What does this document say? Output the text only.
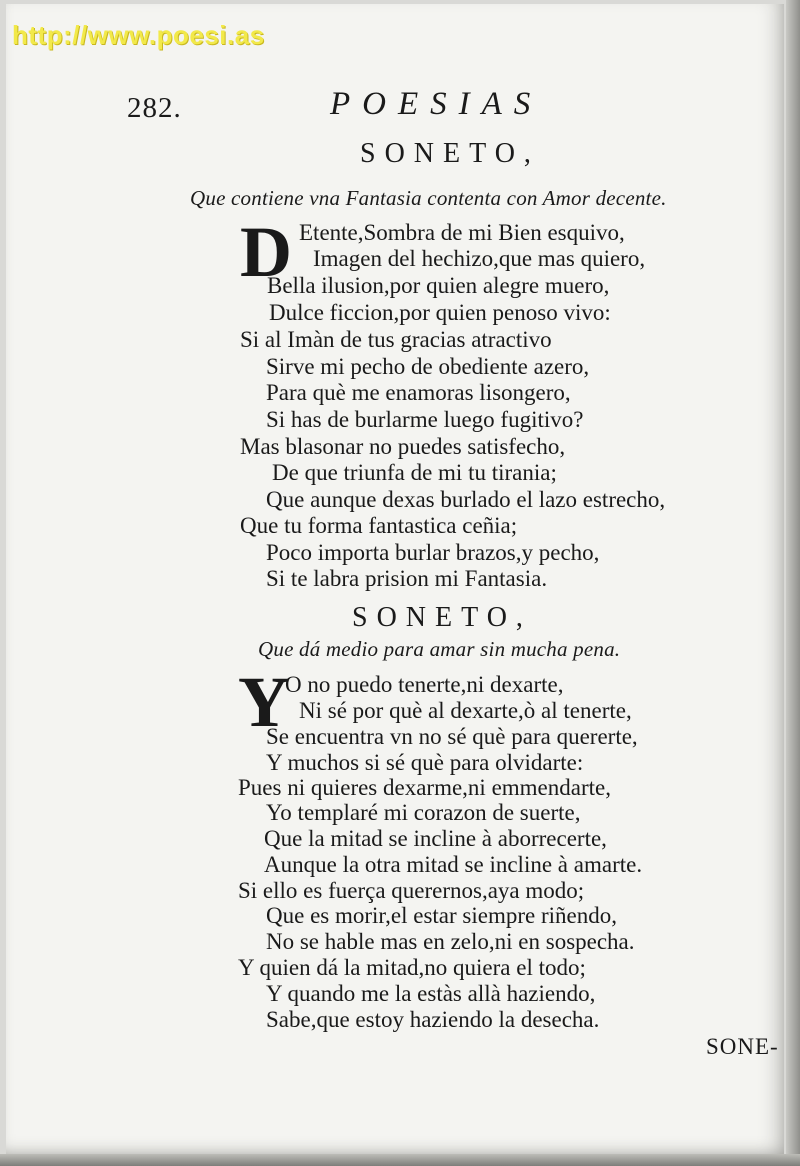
http://www.poesi.as
282.	POESIAS
SONETO,
Que contiene vna Fantasia contenta con Amor decente.
D Etente,Sombra de mi Bien esquivo,
Imagen del hechizo,que mas quiero,
Bella ilusion,por quien alegre muero,
Dulce ficcion,por quien penoso vivo:
Si al Imàn de tus gracias atractivo
Sirve mi pecho de obediente azero,
Para què me enamoras lisongero,
Si has de burlarme luego fugitivo?
Mas blasonar no puedes satisfecho,
De que triunfa de mi tu tirania;
Que aunque dexas burlado el lazo estrecho,
Que tu forma fantastica ceñia;
Poco importa burlar brazos,y pecho,
Si te labra prision mi Fantasia.
SONETO,
Que dá medio para amar sin mucha pena.
Y
O no puedo tenerte,ni dexarte,
Ni sé por què al dexarte,ò al tenerte,
Se encuentra vn no sé què para quererte,
Y muchos si sé què para olvidarte:
Pues ni quieres dexarme,ni emmendarte,
Yo templaré mi corazon de suerte,
Que la mitad se incline à aborrecerte,
Aunque la otra mitad se incline à amarte.
Si ello es fuerça querernos,aya modo;
Que es morir,el estar siempre riñendo,
No se hable mas en zelo,ni en sospecha.
Y quien dá la mitad,no quiera el todo;
Y quando me la estàs allà haziendo,
Sabe,que estoy haziendo la desecha.
SONE-
